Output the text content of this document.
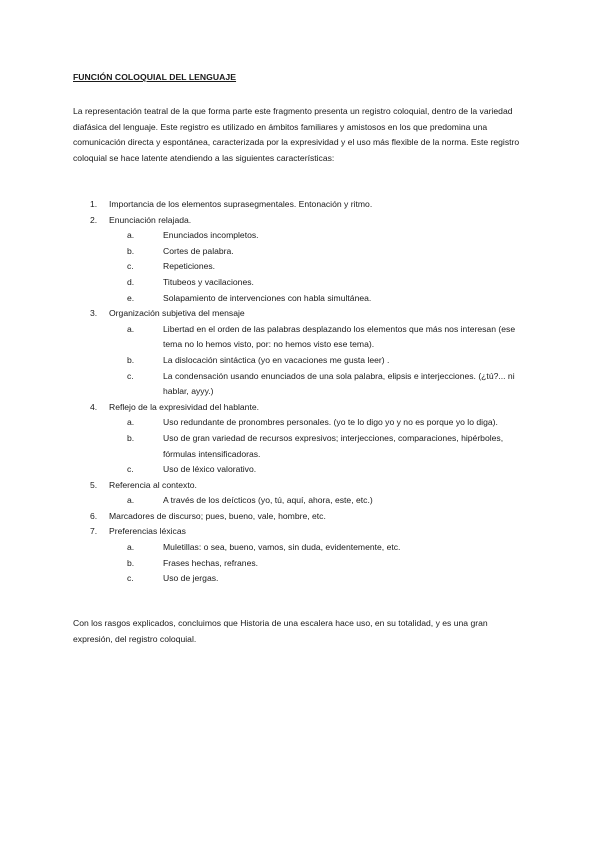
FUNCIÓN COLOQUIAL DEL LENGUAJE

La representación teatral de la que forma parte este fragmento presenta un registro coloquial, dentro de la variedad diafásica del lenguaje. Este registro es utilizado en ámbitos familiares y amistosos en los que predomina una comunicación directa y espontánea, caracterizada por la expresividad y el uso más flexible de la norma. Este registro coloquial se hace latente atendiendo a las siguientes características:

1. Importancia de los elementos suprasegmentales. Entonación y ritmo.
2. Enunciación relajada.
a.	Enunciados incompletos.
b.	Cortes de palabra.
c.	Repeticiones.
d.	Titubeos y vacilaciones.
e.	Solapamiento de intervenciones con habla simultánea.
3. Organización subjetiva del mensaje
a.	Libertad en el orden de las palabras desplazando los elementos que más nos interesan (ese tema no lo hemos visto, por: no hemos visto ese tema).
b.	La dislocación sintáctica (yo en vacaciones me gusta leer) .
c.	La condensación usando enunciados de una sola palabra, elipsis e interjecciones. (¿tú?... ni hablar, ayyy.)
4. Reflejo de la expresividad del hablante.
a.	Uso redundante de pronombres personales. (yo te lo digo yo y no es porque yo lo diga).
b.	Uso de gran variedad de recursos expresivos; interjecciones, comparaciones, hipérboles, fórmulas intensificadoras.
c.	Uso de léxico valorativo.
5. Referencia al contexto.
a.	A través de los deícticos (yo, tú, aquí, ahora, este, etc.)
6. Marcadores de discurso; pues, bueno, vale, hombre, etc.
7. Preferencias léxicas
a.	Muletillas: o sea, bueno, vamos, sin duda, evidentemente, etc.
b.	Frases hechas, refranes.
c.	Uso de jergas.

Con los rasgos explicados, concluimos que Historia de una escalera hace uso, en su totalidad, y es una gran expresión, del registro coloquial.
